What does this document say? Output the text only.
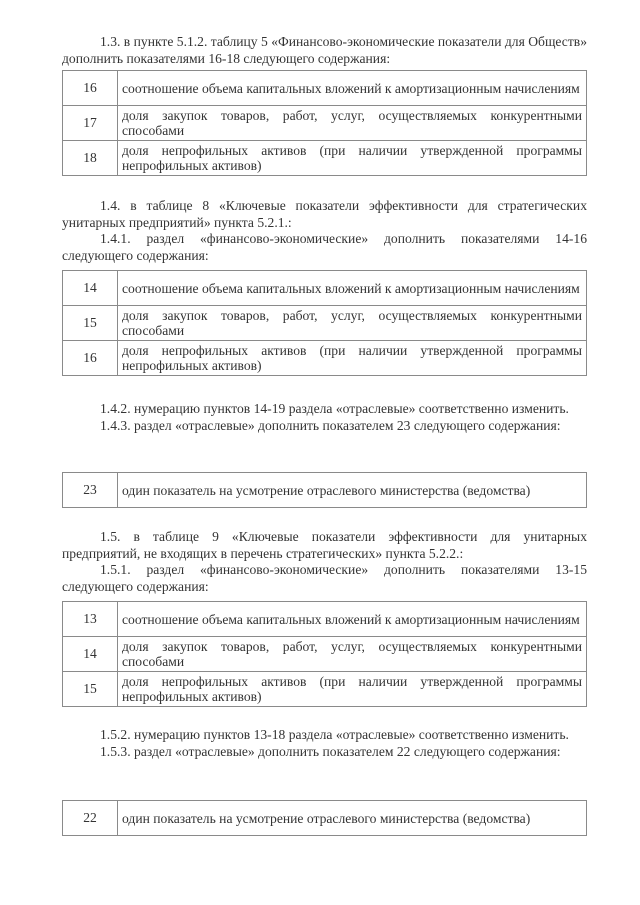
1.3. в пункте 5.1.2. таблицу 5 «Финансово-экономические показатели для Обществ» дополнить показателями 16-18 следующего содержания:

16	соотношение объема капитальных вложений к амортизационным начислениям
17	доля закупок товаров, работ, услуг, осуществляемых конкурентными способами
18	доля непрофильных активов (при наличии утвержденной программы непрофильных активов)

1.4. в таблице 8 «Ключевые показатели эффективности для стратегических унитарных предприятий» пункта 5.2.1.:

1.4.1. раздел «финансово-экономические» дополнить показателями 14-16 следующего содержания:

14	соотношение объема капитальных вложений к амортизационным начислениям
15	доля закупок товаров, работ, услуг, осуществляемых конкурентными способами
16	доля непрофильных активов (при наличии утвержденной программы непрофильных активов)

1.4.2. нумерацию пунктов 14-19 раздела «отраслевые» соответственно изменить.

1.4.3. раздел «отраслевые» дополнить показателем 23 следующего содержания:

23	один показатель на усмотрение отраслевого министерства (ведомства)

1.5. в таблице 9 «Ключевые показатели эффективности для унитарных предприятий, не входящих в перечень стратегических» пункта 5.2.2.:

1.5.1. раздел «финансово-экономические» дополнить показателями 13-15 следующего содержания:

13	соотношение объема капитальных вложений к амортизационным начислениям
14	доля закупок товаров, работ, услуг, осуществляемых конкурентными способами
15	доля непрофильных активов (при наличии утвержденной программы непрофильных активов)

1.5.2. нумерацию пунктов 13-18 раздела «отраслевые» соответственно изменить.

1.5.3. раздел «отраслевые» дополнить показателем 22 следующего содержания:

22	один показатель на усмотрение отраслевого министерства (ведомства)
